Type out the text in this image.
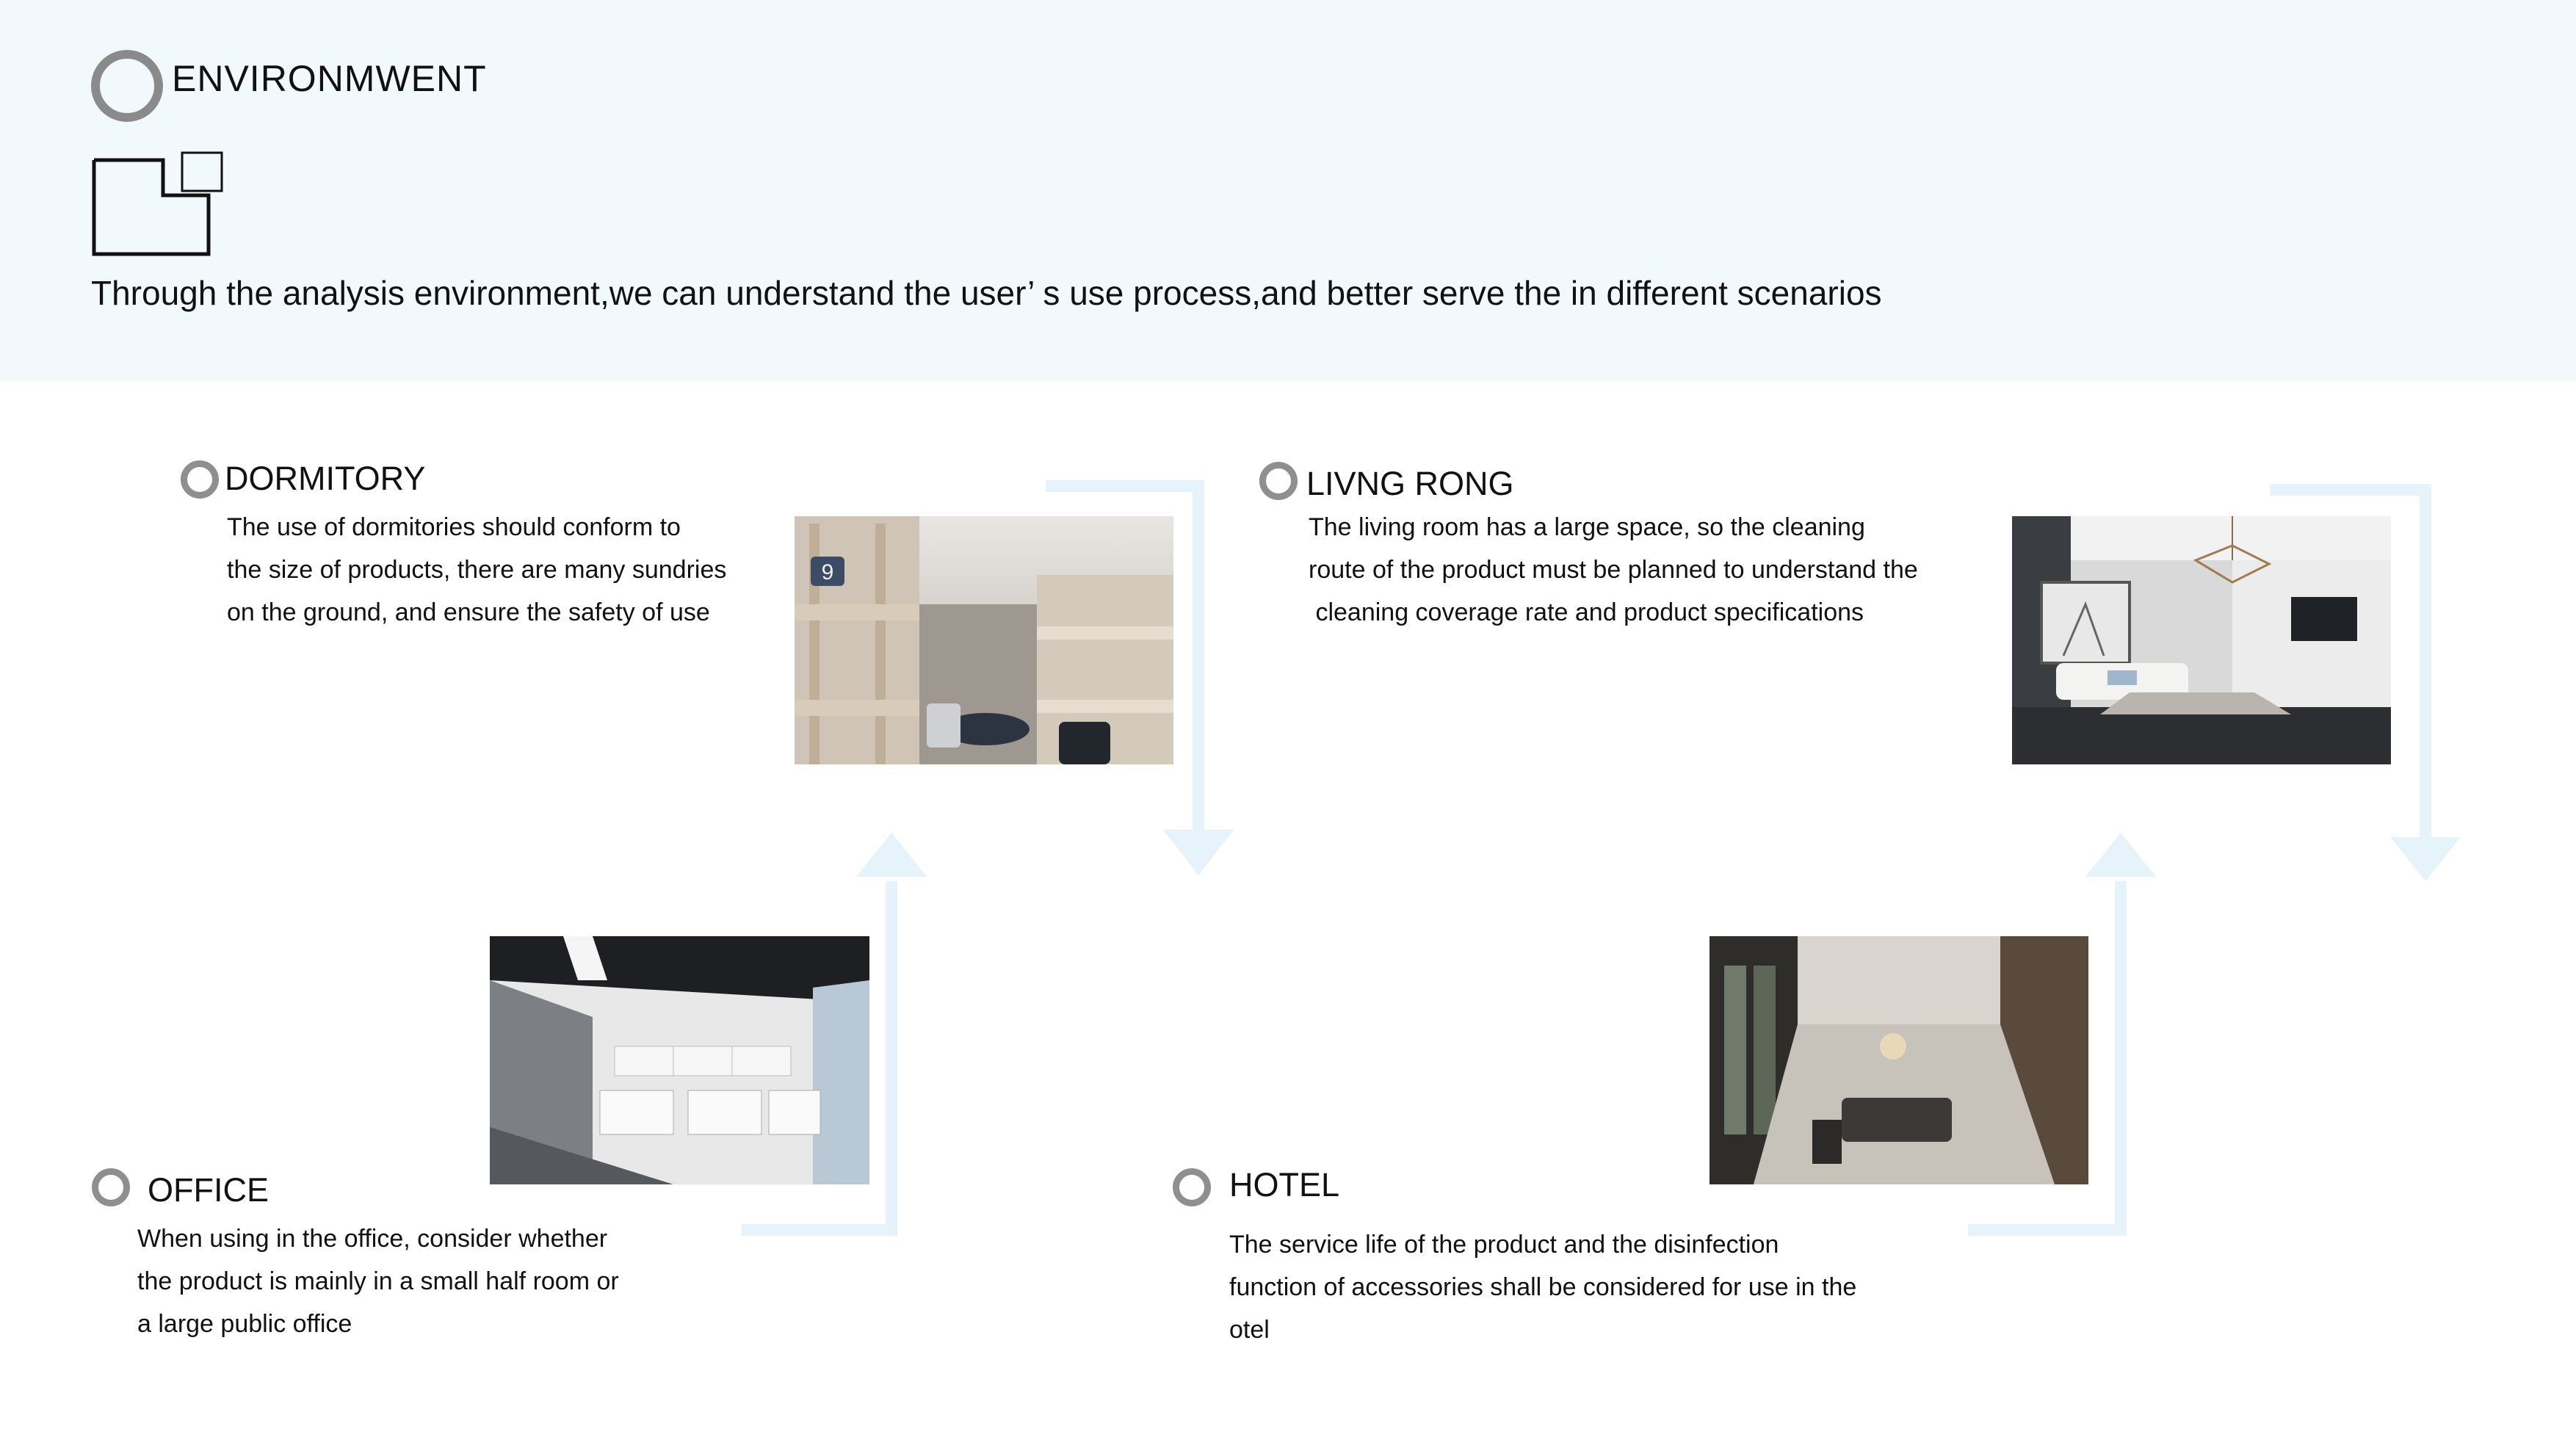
ENVIRONMWENT
Through the analysis environment,we can understand the user’ s use process,and better serve the in different scenarios
DORMITORY
The use of dormitories should conform to
the size of products, there are many sundries
on the ground, and ensure the safety of use
9
LIVNG RONG
The living room has a large space, so the cleaning
route of the product must be planned to understand the
cleaning coverage rate and product specifications
OFFICE
When using in the office, consider whether
the product is mainly in a small half room or
a large public office
HOTEL
The service life of the product and the disinfection
function of accessories shall be considered for use in the
otel
